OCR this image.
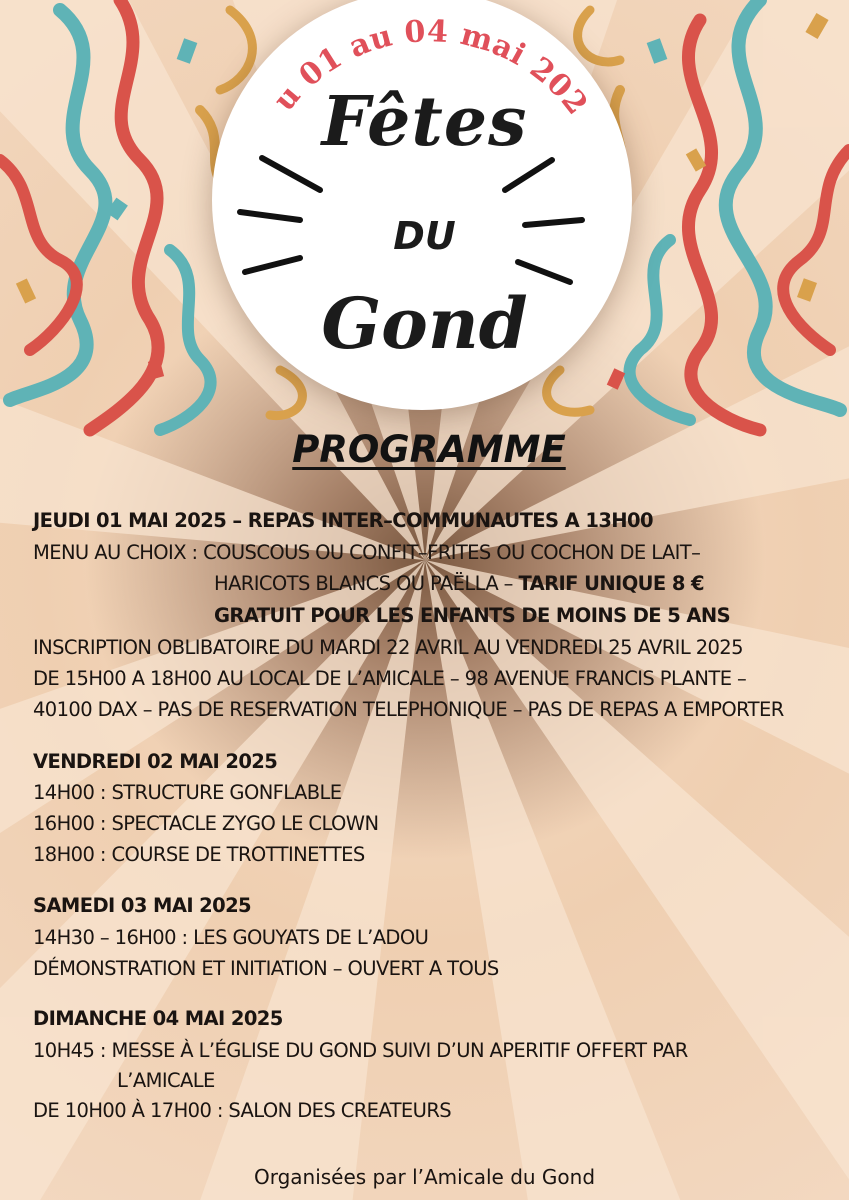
u 01 au 04 mai 202
Fêtes
DU
Gond
PROGRAMME
JEUDI 01 MAI 2025 – REPAS INTER–COMMUNAUTES A 13H00
MENU AU CHOIX : COUSCOUS OU CONFIT–FRITES OU COCHON DE LAIT–
HARICOTS BLANCS OU PAËLLA – TARIF UNIQUE 8 €
GRATUIT POUR LES ENFANTS DE MOINS DE 5 ANS
INSCRIPTION OBLIBATOIRE DU MARDI 22 AVRIL AU VENDREDI 25 AVRIL 2025
DE 15H00 A 18H00 AU LOCAL DE L’AMICALE – 98 AVENUE FRANCIS PLANTE –
40100 DAX – PAS DE RESERVATION TELEPHONIQUE – PAS DE REPAS A EMPORTER
VENDREDI 02 MAI 2025
14H00 : STRUCTURE GONFLABLE
16H00 : SPECTACLE ZYGO LE CLOWN
18H00 : COURSE DE TROTTINETTES
SAMEDI 03 MAI 2025
14H30 – 16H00 : LES GOUYATS DE L’ADOU
DÉMONSTRATION ET INITIATION – OUVERT A TOUS
DIMANCHE 04 MAI 2025
10H45 : MESSE À L’ÉGLISE DU GOND SUIVI D’UN APERITIF OFFERT PAR
L’AMICALE
DE 10H00 À 17H00 : SALON DES CREATEURS
Organisées par l’Amicale du Gond
